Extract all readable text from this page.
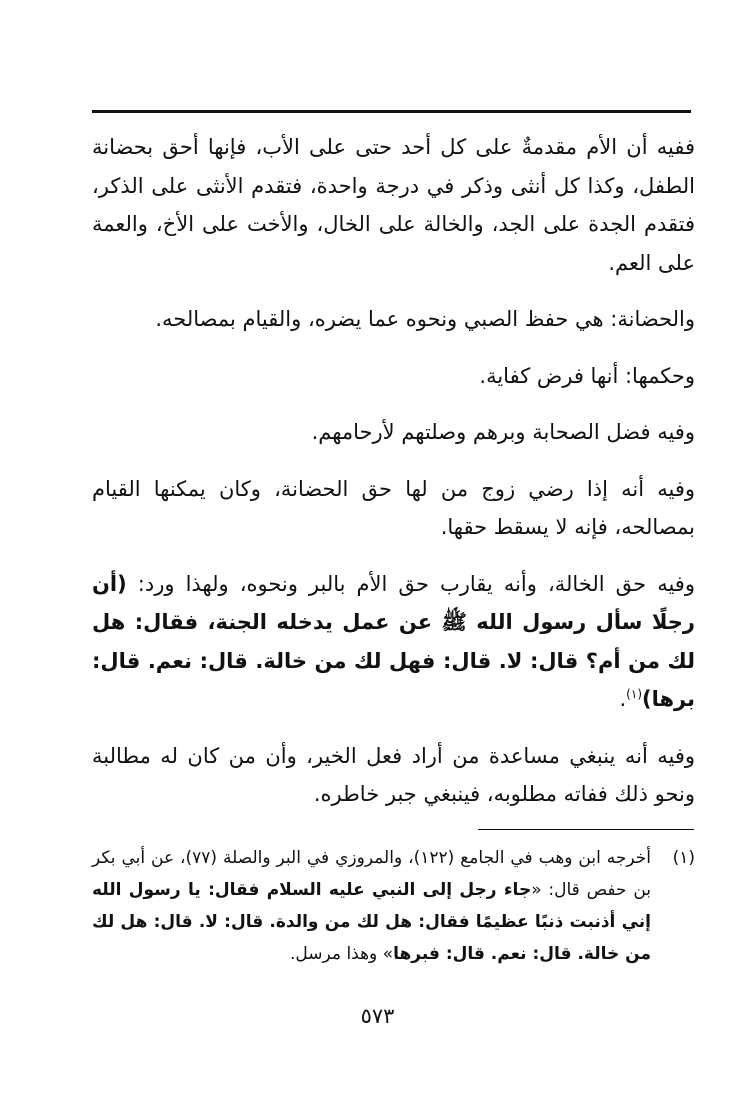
ففيه أن الأم مقدمةٌ على كل أحد حتى على الأب، فإنها أحق بحضانة الطفل، وكذا كل أنثى وذكر في درجة واحدة، فتقدم الأنثى على الذكر، فتقدم الجدة على الجد، والخالة على الخال، والأخت على الأخ، والعمة على العم.

والحضانة: هي حفظ الصبي ونحوه عما يضره، والقيام بمصالحه.

وحكمها: أنها فرض كفاية.

وفيه فضل الصحابة وبرهم وصلتهم لأرحامهم.

وفيه أنه إذا رضي زوج من لها حق الحضانة، وكان يمكنها القيام بمصالحه، فإنه لا يسقط حقها.

وفيه حق الخالة، وأنه يقارب حق الأم بالبر ونحوه، ولهذا ورد: (أن رجلًا سأل رسول الله ﷺ عن عمل يدخله الجنة، فقال: هل لك من أم؟ قال: لا. قال: فهل لك من خالة. قال: نعم. قال: برها)$^{(١)}$.

وفيه أنه ينبغي مساعدة من أراد فعل الخير، وأن من كان له مطالبة ونحو ذلك ففاته مطلوبه، فينبغي جبر خاطره.

(١)
أخرجه ابن وهب في الجامع (١٢٢)، والمروزي في البر والصلة (٧٧)، عن أبي بكر بن حفص قال: «جاء رجل إلى النبي عليه السلام فقال: يا رسول الله إني أذنبت ذنبًا عظيمًا فقال: هل لك من والدة. قال: لا. قال: هل لك من خالة. قال: نعم. قال: فبرها» وهذا مرسل.
٥٧٣
